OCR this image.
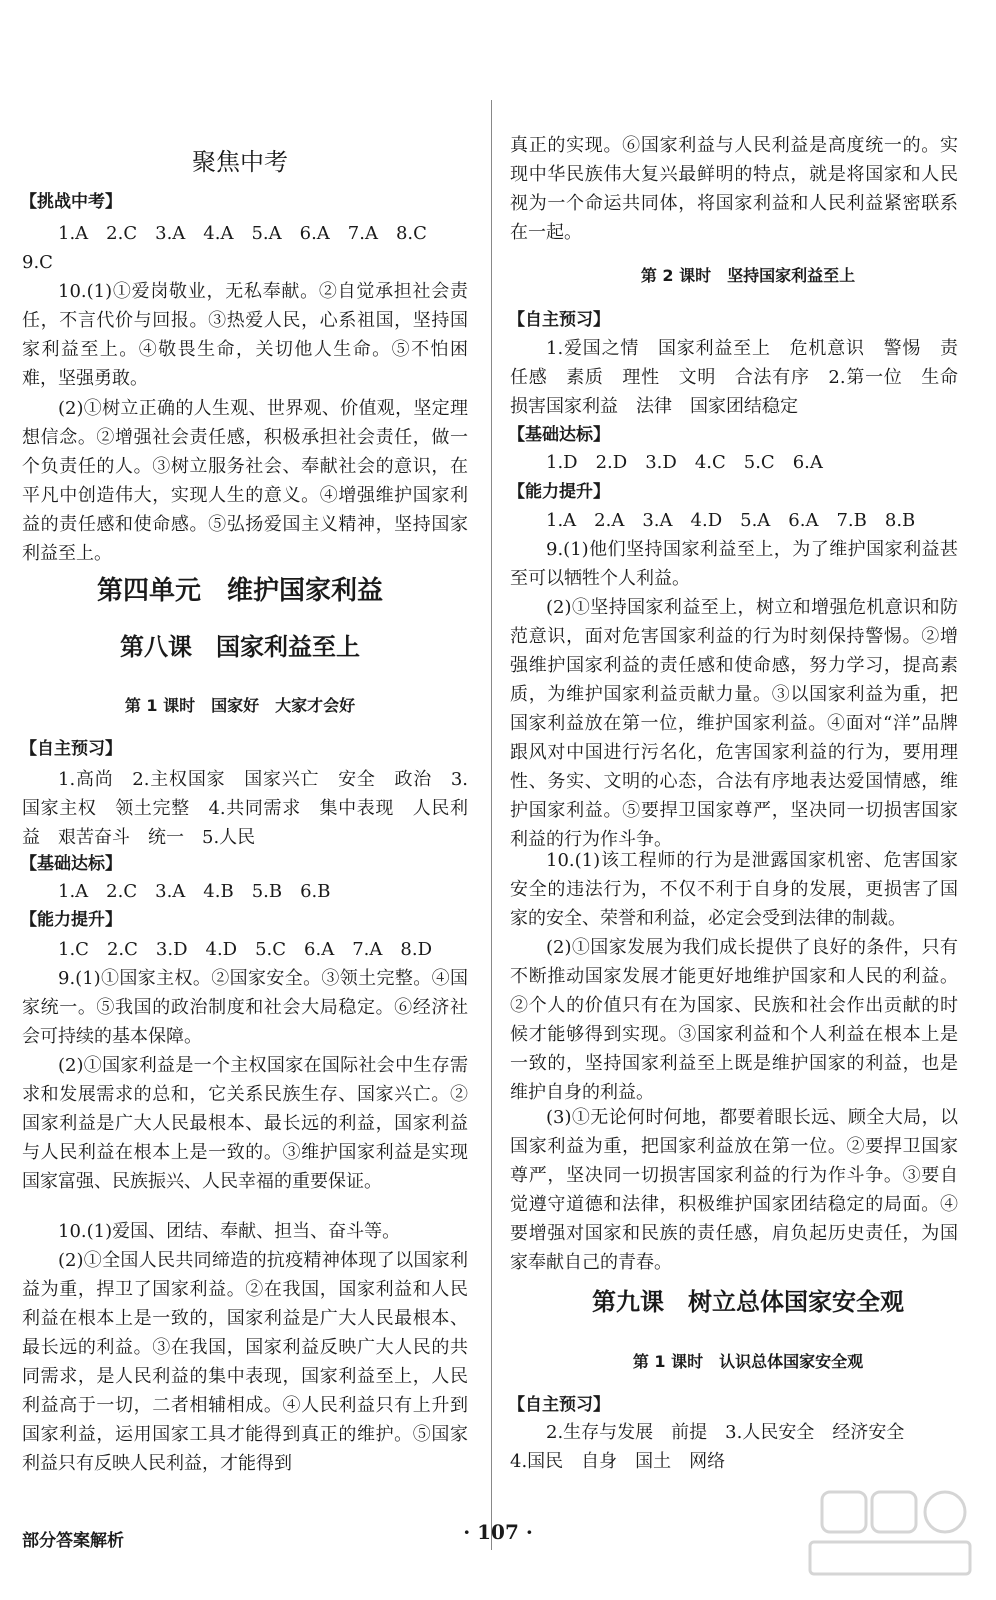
聚焦中考

【挑战中考】

1.A　2.C　3.A　4.A　5.A　6.A　7.A　8.C

9.C

10.(1)①爱岗敬业，无私奉献。②自觉承担社会责任，不言代价与回报。③热爱人民，心系祖国，坚持国家利益至上。④敬畏生命，关切他人生命。⑤不怕困难，坚强勇敢。

(2)①树立正确的人生观、世界观、价值观，坚定理想信念。②增强社会责任感，积极承担社会责任，做一个负责任的人。③树立服务社会、奉献社会的意识，在平凡中创造伟大，实现人生的意义。④增强维护国家利益的责任感和使命感。⑤弘扬爱国主义精神，坚持国家利益至上。

第四单元　维护国家利益

第八课　国家利益至上

第 1 课时　国家好　大家才会好

【自主预习】

1.高尚　2.主权国家　国家兴亡　安全　政治　3.国家主权　领土完整　4.共同需求　集中表现　人民利益　艰苦奋斗　统一　5.人民

【基础达标】

1.A　2.C　3.A　4.B　5.B　6.B

【能力提升】

1.C　2.C　3.D　4.D　5.C　6.A　7.A　8.D

9.(1)①国家主权。②国家安全。③领土完整。④国家统一。⑤我国的政治制度和社会大局稳定。⑥经济社会可持续的基本保障。

(2)①国家利益是一个主权国家在国际社会中生存需求和发展需求的总和，它关系民族生存、国家兴亡。②国家利益是广大人民最根本、最长远的利益，国家利益与人民利益在根本上是一致的。③维护国家利益是实现国家富强、民族振兴、人民幸福的重要保证。

10.(1)爱国、团结、奉献、担当、奋斗等。

(2)①全国人民共同缔造的抗疫精神体现了以国家利益为重，捍卫了国家利益。②在我国，国家利益和人民利益在根本上是一致的，国家利益是广大人民最根本、最长远的利益。③在我国，国家利益反映广大人民的共同需求，是人民利益的集中表现，国家利益至上，人民利益高于一切，二者相辅相成。④人民利益只有上升到国家利益，运用国家工具才能得到真正的维护。⑤国家利益只有反映人民利益，才能得到

真正的实现。⑥国家利益与人民利益是高度统一的。实现中华民族伟大复兴最鲜明的特点，就是将国家和人民视为一个命运共同体，将国家利益和人民利益紧密联系在一起。

第 2 课时　坚持国家利益至上

【自主预习】

1.爱国之情　国家利益至上　危机意识　警惕　责任感　素质　理性　文明　合法有序　2.第一位　生命　损害国家利益　法律　国家团结稳定

【基础达标】

1.D　2.D　3.D　4.C　5.C　6.A

【能力提升】

1.A　2.A　3.A　4.D　5.A　6.A　7.B　8.B

9.(1)他们坚持国家利益至上，为了维护国家利益甚至可以牺牲个人利益。

(2)①坚持国家利益至上，树立和增强危机意识和防范意识，面对危害国家利益的行为时刻保持警惕。②增强维护国家利益的责任感和使命感，努力学习，提高素质，为维护国家利益贡献力量。③以国家利益为重，把国家利益放在第一位，维护国家利益。④面对“洋”品牌跟风对中国进行污名化，危害国家利益的行为，要用理性、务实、文明的心态，合法有序地表达爱国情感，维护国家利益。⑤要捍卫国家尊严，坚决同一切损害国家利益的行为作斗争。

10.(1)该工程师的行为是泄露国家机密、危害国家安全的违法行为，不仅不利于自身的发展，更损害了国家的安全、荣誉和利益，必定会受到法律的制裁。

(2)①国家发展为我们成长提供了良好的条件，只有不断推动国家发展才能更好地维护国家和人民的利益。②个人的价值只有在为国家、民族和社会作出贡献的时候才能够得到实现。③国家利益和个人利益在根本上是一致的，坚持国家利益至上既是维护国家的利益，也是维护自身的利益。

(3)①无论何时何地，都要着眼长远、顾全大局，以国家利益为重，把国家利益放在第一位。②要捍卫国家尊严，坚决同一切损害国家利益的行为作斗争。③要自觉遵守道德和法律，积极维护国家团结稳定的局面。④要增强对国家和民族的责任感，肩负起历史责任，为国家奉献自己的青春。

第九课　树立总体国家安全观

第 1 课时　认识总体国家安全观

【自主预习】

2.生存与发展　前提　3.人民安全　经济安全

4.国民　自身　国土　网络

部分答案解析	· 107 ·
